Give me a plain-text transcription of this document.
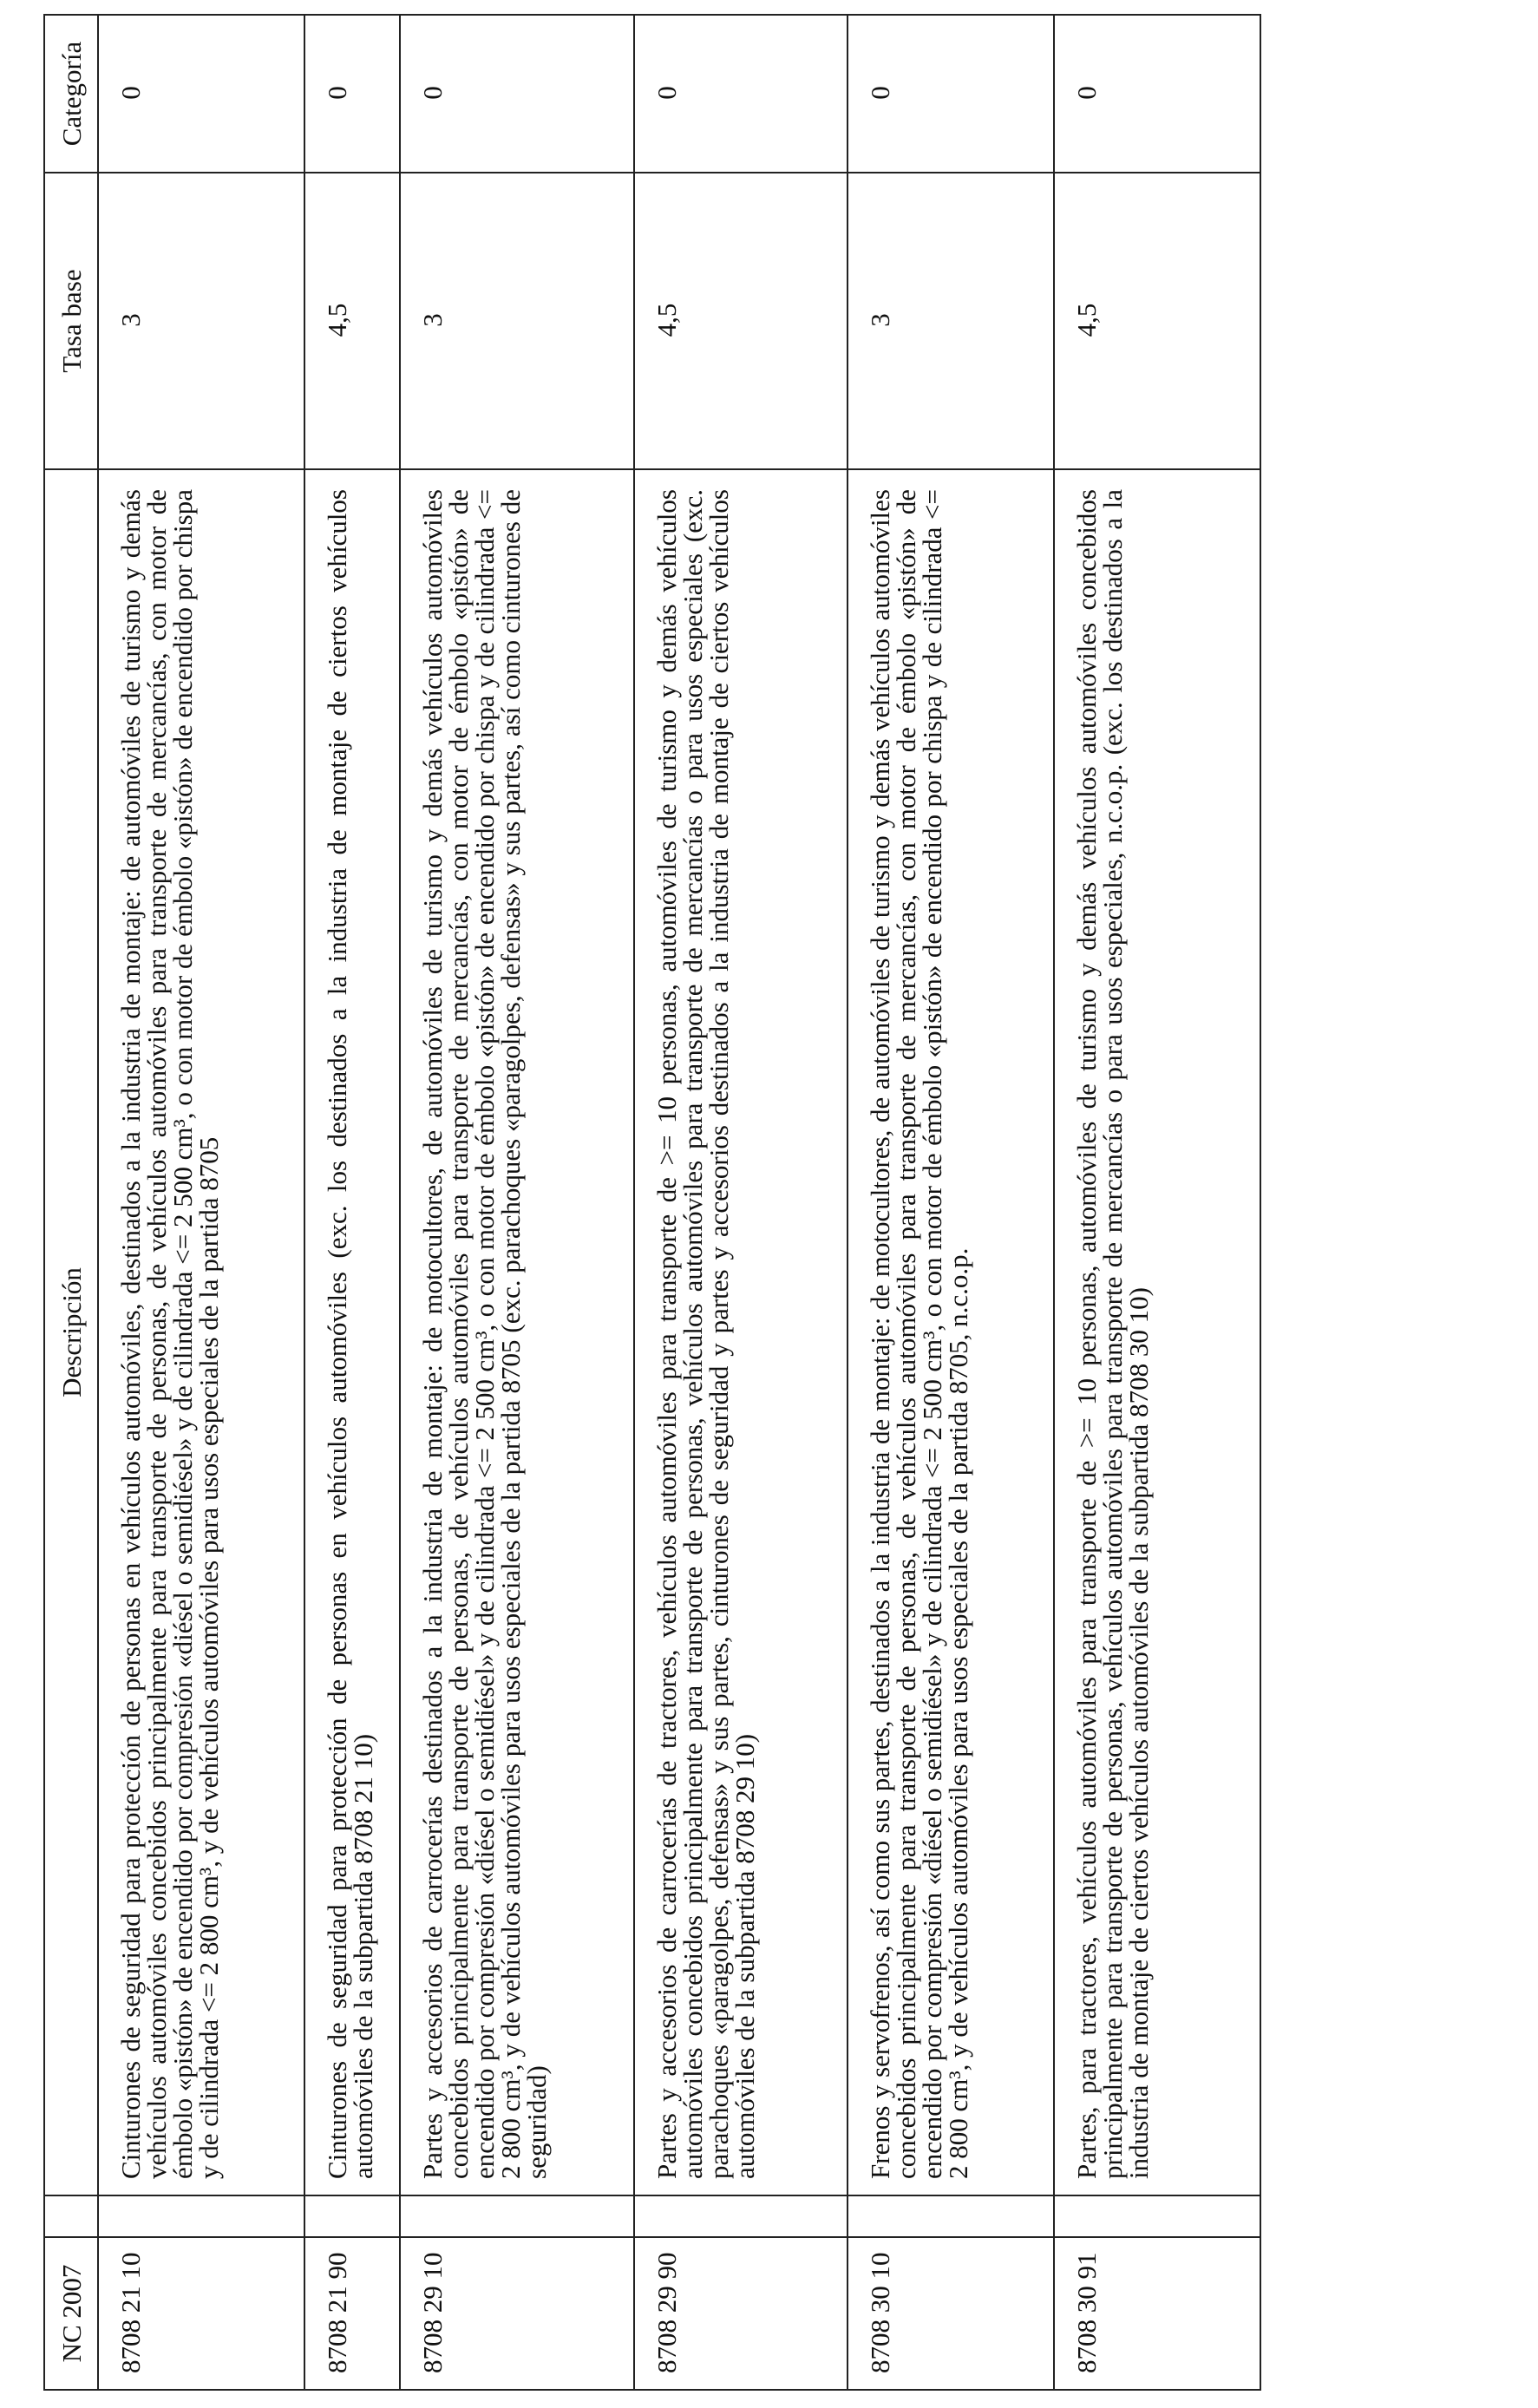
NC 2007		Descripción	Tasa base	Categoría
8708 21 10		Cinturones de seguridad para protección de personas en vehículos automóviles, destinados a la industria de montaje: de automóviles de turismo y demás vehículos automóviles concebidos principalmente para transporte de personas, de vehículos automóviles para transporte de mercancías, con motor de émbolo «pistón» de encendido por compresión «diésel o semidiésel» y de cilindrada <= 2 500 cm³, o con motor de émbolo «pistón» de encendido por chispa y de cilindrada <= 2 800 cm³, y de vehículos automóviles para usos especiales de la partida 8705	3	0
8708 21 90		Cinturones de seguridad para protección de personas en vehículos automóviles (exc. los destinados a la industria de montaje de ciertos vehículos automóviles de la subpartida 8708 21 10)	4,5	0
8708 29 10		Partes y accesorios de carrocerías destinados a la industria de montaje: de motocultores, de automóviles de turismo y demás vehículos automóviles concebidos principalmente para transporte de personas, de vehículos automóviles para transporte de mercancías, con motor de émbolo «pistón» de encendido por compresión «diésel o semidiésel» y de cilindrada <= 2 500 cm³, o con motor de émbolo «pistón» de encendido por chispa y de cilindrada <= 2 800 cm³, y de vehículos automóviles para usos especiales de la partida 8705 (exc. parachoques «paragolpes, defensas» y sus partes, así como cinturones de seguridad)	3	0
8708 29 90		Partes y accesorios de carrocerías de tractores, vehículos automóviles para transporte de >= 10 personas, automóviles de turismo y demás vehículos automóviles concebidos principalmente para transporte de personas, vehículos automóviles para transporte de mercancías o para usos especiales (exc. parachoques «paragolpes, defensas» y sus partes, cinturones de seguridad y partes y accesorios destinados a la industria de montaje de ciertos vehículos automóviles de la subpartida 8708 29 10)	4,5	0
8708 30 10		Frenos y servofrenos, así como sus partes, destinados a la industria de montaje: de motocultores, de automóviles de turismo y demás vehículos automóviles concebidos principalmente para transporte de personas, de vehículos automóviles para transporte de mercancías, con motor de émbolo «pistón» de encendido por compresión «diésel o semidiésel» y de cilindrada <= 2 500 cm³, o con motor de émbolo «pistón» de encendido por chispa y de cilindrada <= 2 800 cm³, y de vehículos automóviles para usos especiales de la partida 8705, n.c.o.p.	3	0
8708 30 91		Partes, para tractores, vehículos automóviles para transporte de >= 10 personas, automóviles de turismo y demás vehículos automóviles concebidos principalmente para transporte de personas, vehículos automóviles para transporte de mercancías o para usos especiales, n.c.o.p. (exc. los destinados a la industria de montaje de ciertos vehículos automóviles de la subpartida 8708 30 10)	4,5	0
